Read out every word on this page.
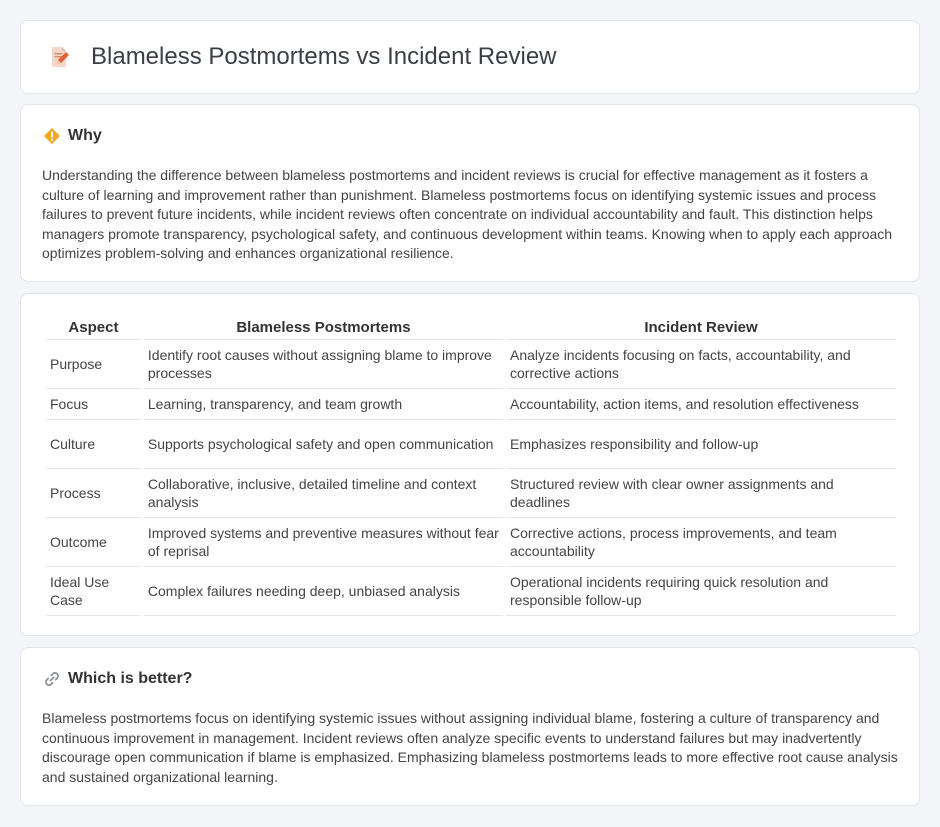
Blameless Postmortems vs Incident Review
Why

Understanding the difference between blameless postmortems and incident reviews is crucial for effective management as it fosters a culture of learning and improvement rather than punishment. Blameless postmortems focus on identifying systemic issues and process failures to prevent future incidents, while incident reviews often concentrate on individual accountability and fault. This distinction helps managers promote transparency, psychological safety, and continuous development within teams. Knowing when to apply each approach optimizes problem-solving and enhances organizational resilience.

Aspect	Blameless Postmortems	Incident Review
Purpose	Identify root causes without assigning blame to improve processes	Analyze incidents focusing on facts, accountability, and corrective actions
Focus	Learning, transparency, and team growth	Accountability, action items, and resolution effectiveness
Culture	Supports psychological safety and open communication	Emphasizes responsibility and follow-up
Process	Collaborative, inclusive, detailed timeline and context analysis	Structured review with clear owner assignments and deadlines
Outcome	Improved systems and preventive measures without fear of reprisal	Corrective actions, process improvements, and team accountability
Ideal Use Case	Complex failures needing deep, unbiased analysis	Operational incidents requiring quick resolution and responsible follow-up
Which is better?

Blameless postmortems focus on identifying systemic issues without assigning individual blame, fostering a culture of transparency and continuous improvement in management. Incident reviews often analyze specific events to understand failures but may inadvertently discourage open communication if blame is emphasized. Emphasizing blameless postmortems leads to more effective root cause analysis and sustained organizational learning.
